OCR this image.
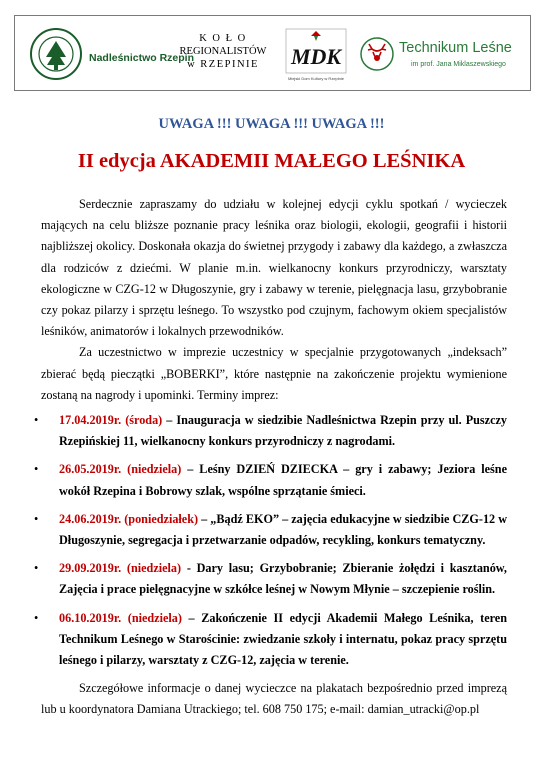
Nadleśnictwo Rzepin
K O Ł O
REGIONALISTÓW
w RZEPINIE	MDK
Miejski Dom Kultury w Rzepinie
Technikum Leśne
im prof. Jana Miklaszewskiego
UWAGA !!! UWAGA !!! UWAGA !!!
II edycja AKADEMII MAŁEGO LEŚNIKA

Serdecznie zapraszamy do udziału w kolejnej edycji cyklu spotkań / wycieczek mających na celu bliższe poznanie pracy leśnika oraz biologii, ekologii, geografii i historii najbliższej okolicy. Doskonała okazja do świetnej przygody i zabawy dla każdego, a zwłaszcza dla rodziców z dziećmi. W planie m.in. wielkanocny konkurs przyrodniczy, warsztaty ekologiczne w CZG-12 w Długoszynie, gry i zabawy w terenie, pielęgnacja lasu, grzybobranie czy pokaz pilarzy i sprzętu leśnego. To wszystko pod czujnym, fachowym okiem specjalistów leśników, animatorów i lokalnych przewodników.

Za uczestnictwo w imprezie uczestnicy w specjalnie przygotowanych „indeksach” zbierać będą pieczątki „BOBERKI”, które następnie na zakończenie projektu wymienione zostaną na nagrody i upominki. Terminy imprez:

• 17.04.2019r. (środa) – Inauguracja w siedzibie Nadleśnictwa Rzepin przy ul. Puszczy Rzepińskiej 11, wielkanocny konkurs przyrodniczy z nagrodami.
• 26.05.2019r. (niedziela) – Leśny DZIEŃ DZIECKA – gry i zabawy; Jeziora leśne wokół Rzepina i Bobrowy szlak, wspólne sprzątanie śmieci.
• 24.06.2019r. (poniedziałek) – „Bądź EKO” – zajęcia edukacyjne w siedzibie CZG-12 w Długoszynie, segregacja i przetwarzanie odpadów, recykling, konkurs tematyczny.
• 29.09.2019r. (niedziela) - Dary lasu; Grzybobranie; Zbieranie żołędzi i kasztanów, Zajęcia i prace pielęgnacyjne w szkółce leśnej w Nowym Młynie – szczepienie roślin.
• 06.10.2019r. (niedziela) – Zakończenie II edycji Akademii Małego Leśnika, teren Technikum Leśnego w Starościnie: zwiedzanie szkoły i internatu, pokaz pracy sprzętu leśnego i pilarzy, warsztaty z CZG-12, zajęcia w terenie.

Szczegółowe informacje o danej wycieczce na plakatach bezpośrednio przed imprezą lub u koordynatora Damiana Utrackiego; tel. 608 750 175; e-mail: damian_utracki@op.pl
